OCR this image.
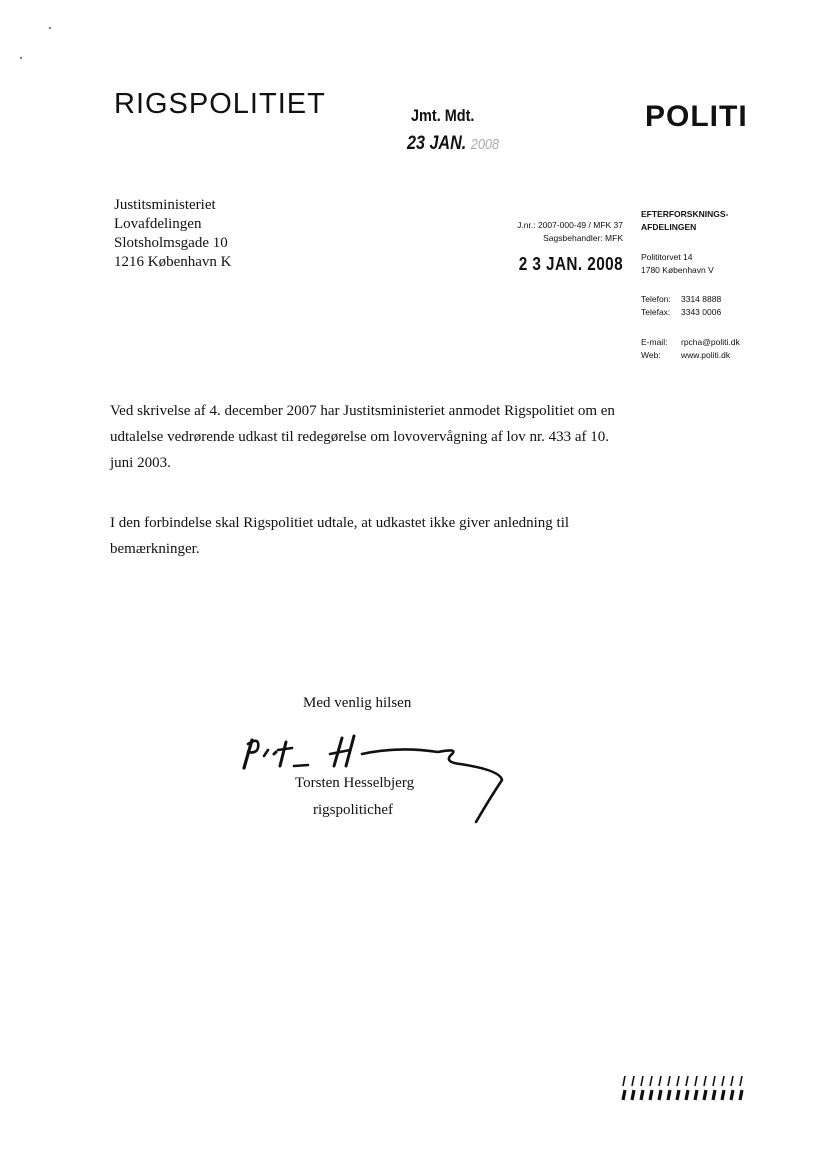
RIGSPOLITIET	POLITI
Jmt. Mdt.
23 JAN. 2008
Justitsministeriet
Lovafdelingen
Slotsholmsgade 10
1216 København K
J.nr.: 2007-000-49 / MFK 37
Sagsbehandler: MFK
2 3 JAN. 2008
EFTERFORSKNINGS-
AFDELINGEN
Polititorvet 14
1780 København V
Telefon: 3314 8888
Telefax: 3343 0006
E-mail: rpcha@politi.dk
Web: www.politi.dk
Ved skrivelse af 4. december 2007 har Justitsministeriet anmodet Rigspolitiet om en udtalelse vedrørende udkast til redegørelse om lovovervågning af lov nr. 433 af 10. juni 2003.
I den forbindelse skal Rigspolitiet udtale, at udkastet ikke giver anledning til bemærkninger.
Med venlig hilsen
Torsten Hesselbjerg
rigspolitichef
